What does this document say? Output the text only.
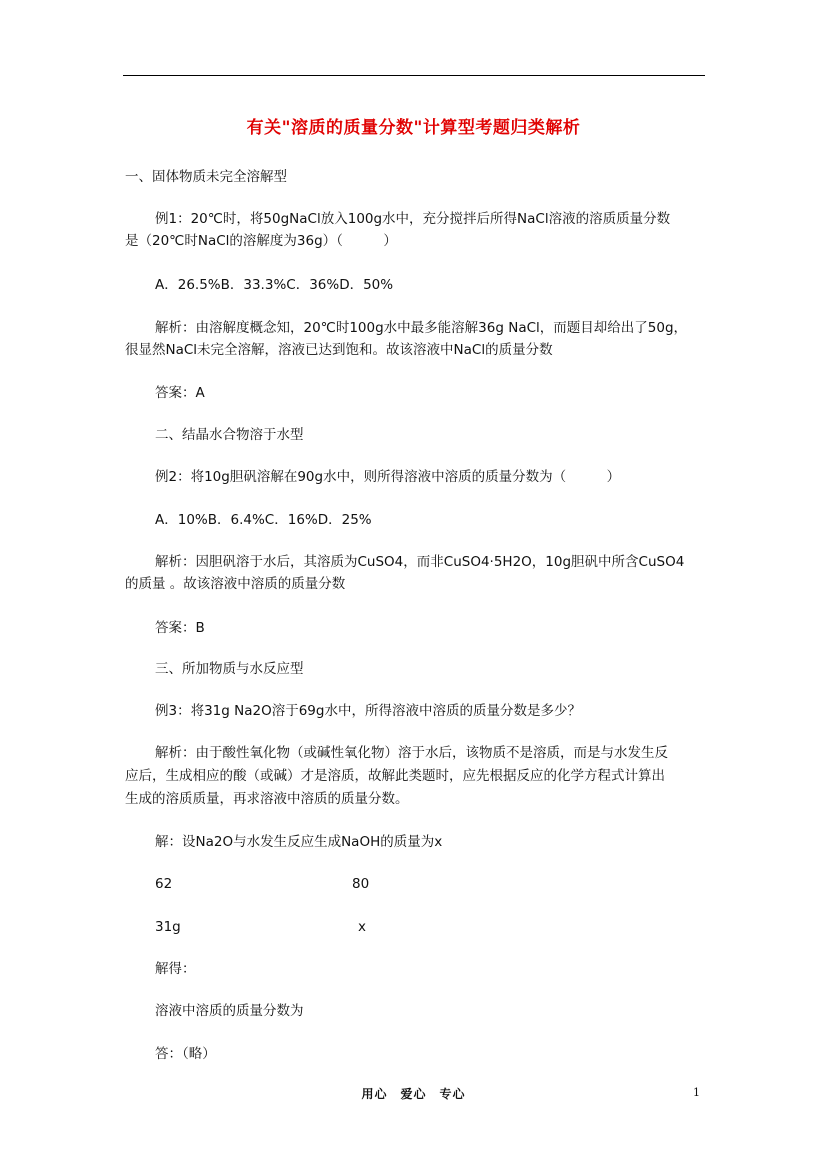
有关"溶质的质量分数"计算型考题归类解析
一、固体物质未完全溶解型
例1：20℃时，将50gNaCl放入100g水中，充分搅拌后所得NaCl溶液的溶质质量分数
是（20℃时NaCl的溶解度为36g）（　　　）
A．26.5%B．33.3%C．36%D．50%
解析：由溶解度概念知，20℃时100g水中最多能溶解36g NaCl，而题目却给出了50g，
很显然NaCl未完全溶解，溶液已达到饱和。故该溶液中NaCl的质量分数
答案：A
二、结晶水合物溶于水型
例2：将10g胆矾溶解在90g水中，则所得溶液中溶质的质量分数为（　　　）
A．10%B．6.4%C．16%D．25%
解析：因胆矾溶于水后，其溶质为CuSO4，而非CuSO4·5H2O，10g胆矾中所含CuSO4
的质量 。故该溶液中溶质的质量分数
答案：B
三、所加物质与水反应型
例3：将31g Na2O溶于69g水中，所得溶液中溶质的质量分数是多少？
解析：由于酸性氧化物（或碱性氧化物）溶于水后，该物质不是溶质，而是与水发生反
应后，生成相应的酸（或碱）才是溶质，故解此类题时，应先根据反应的化学方程式计算出
生成的溶质质量，再求溶液中溶质的质量分数。
解：设Na2O与水发生反应生成NaOH的质量为x
62	80
31g	x
解得：
溶液中溶质的质量分数为
答：（略）
用心　爱心　专心	1
